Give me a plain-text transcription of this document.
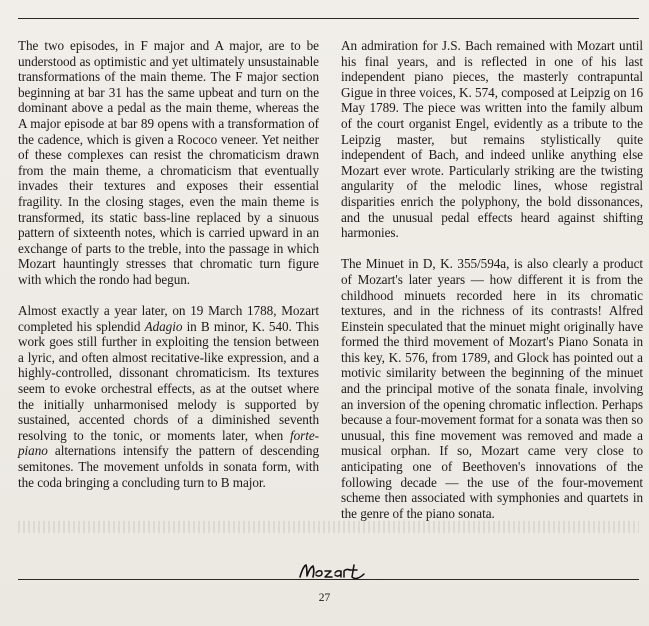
The two episodes, in F major and A major, are to be understood as optimistic and yet ultimately unsustainable transformations of the main theme. The F major section beginning at bar 31 has the same upbeat and turn on the dominant above a pedal as the main theme, whereas the A major episode at bar 89 opens with a transformation of the cadence, which is given a Rococo veneer. Yet neither of these complexes can resist the chromaticism drawn from the main theme, a chromaticism that eventually invades their textures and exposes their essential fragility. In the closing stages, even the main theme is transformed, its static bass-line replaced by a sinuous pattern of sixteenth notes, which is carried upward in an exchange of parts to the treble, into the passage in which Mozart hauntingly stresses that chromatic turn figure with which the rondo had begun.

Almost exactly a year later, on 19 March 1788, Mozart completed his splendid Adagio in B minor, K. 540. This work goes still further in exploiting the tension between a lyric, and often almost recitative-like expression, and a highly-controlled, dissonant chromaticism. Its textures seem to evoke orchestral effects, as at the outset where the initially unharmonised melody is supported by sustained, accented chords of a diminished seventh resolving to the tonic, or moments later, when forte-piano alternations intensify the pattern of descending semitones. The movement unfolds in sonata form, with the coda bringing a concluding turn to B major.

An admiration for J.S. Bach remained with Mozart until his final years, and is reflected in one of his last independent piano pieces, the masterly contrapuntal Gigue in three voices, K. 574, composed at Leipzig on 16 May 1789. The piece was written into the family album of the court organist Engel, evidently as a tribute to the Leipzig master, but remains stylistically quite independent of Bach, and indeed unlike anything else Mozart ever wrote. Particularly striking are the twisting angularity of the melodic lines, whose registral disparities enrich the polyphony, the bold dissonances, and the unusual pedal effects heard against shifting harmonies.

The Minuet in D, K. 355/594a, is also clearly a product of Mozart's later years — how different it is from the childhood minuets recorded here in its chromatic textures, and in the richness of its contrasts! Alfred Einstein speculated that the minuet might originally have formed the third movement of Mozart's Piano Sonata in this key, K. 576, from 1789, and Glock has pointed out a motivic similarity between the beginning of the minuet and the principal motive of the sonata finale, involving an inversion of the opening chromatic inflection. Perhaps because a four-movement format for a sonata was then so unusual, this fine movement was removed and made a musical orphan. If so, Mozart came very close to anticipating one of Beethoven's innovations of the following decade — the use of the four-movement scheme then associated with symphonies and quartets in the genre of the piano sonata.

27
